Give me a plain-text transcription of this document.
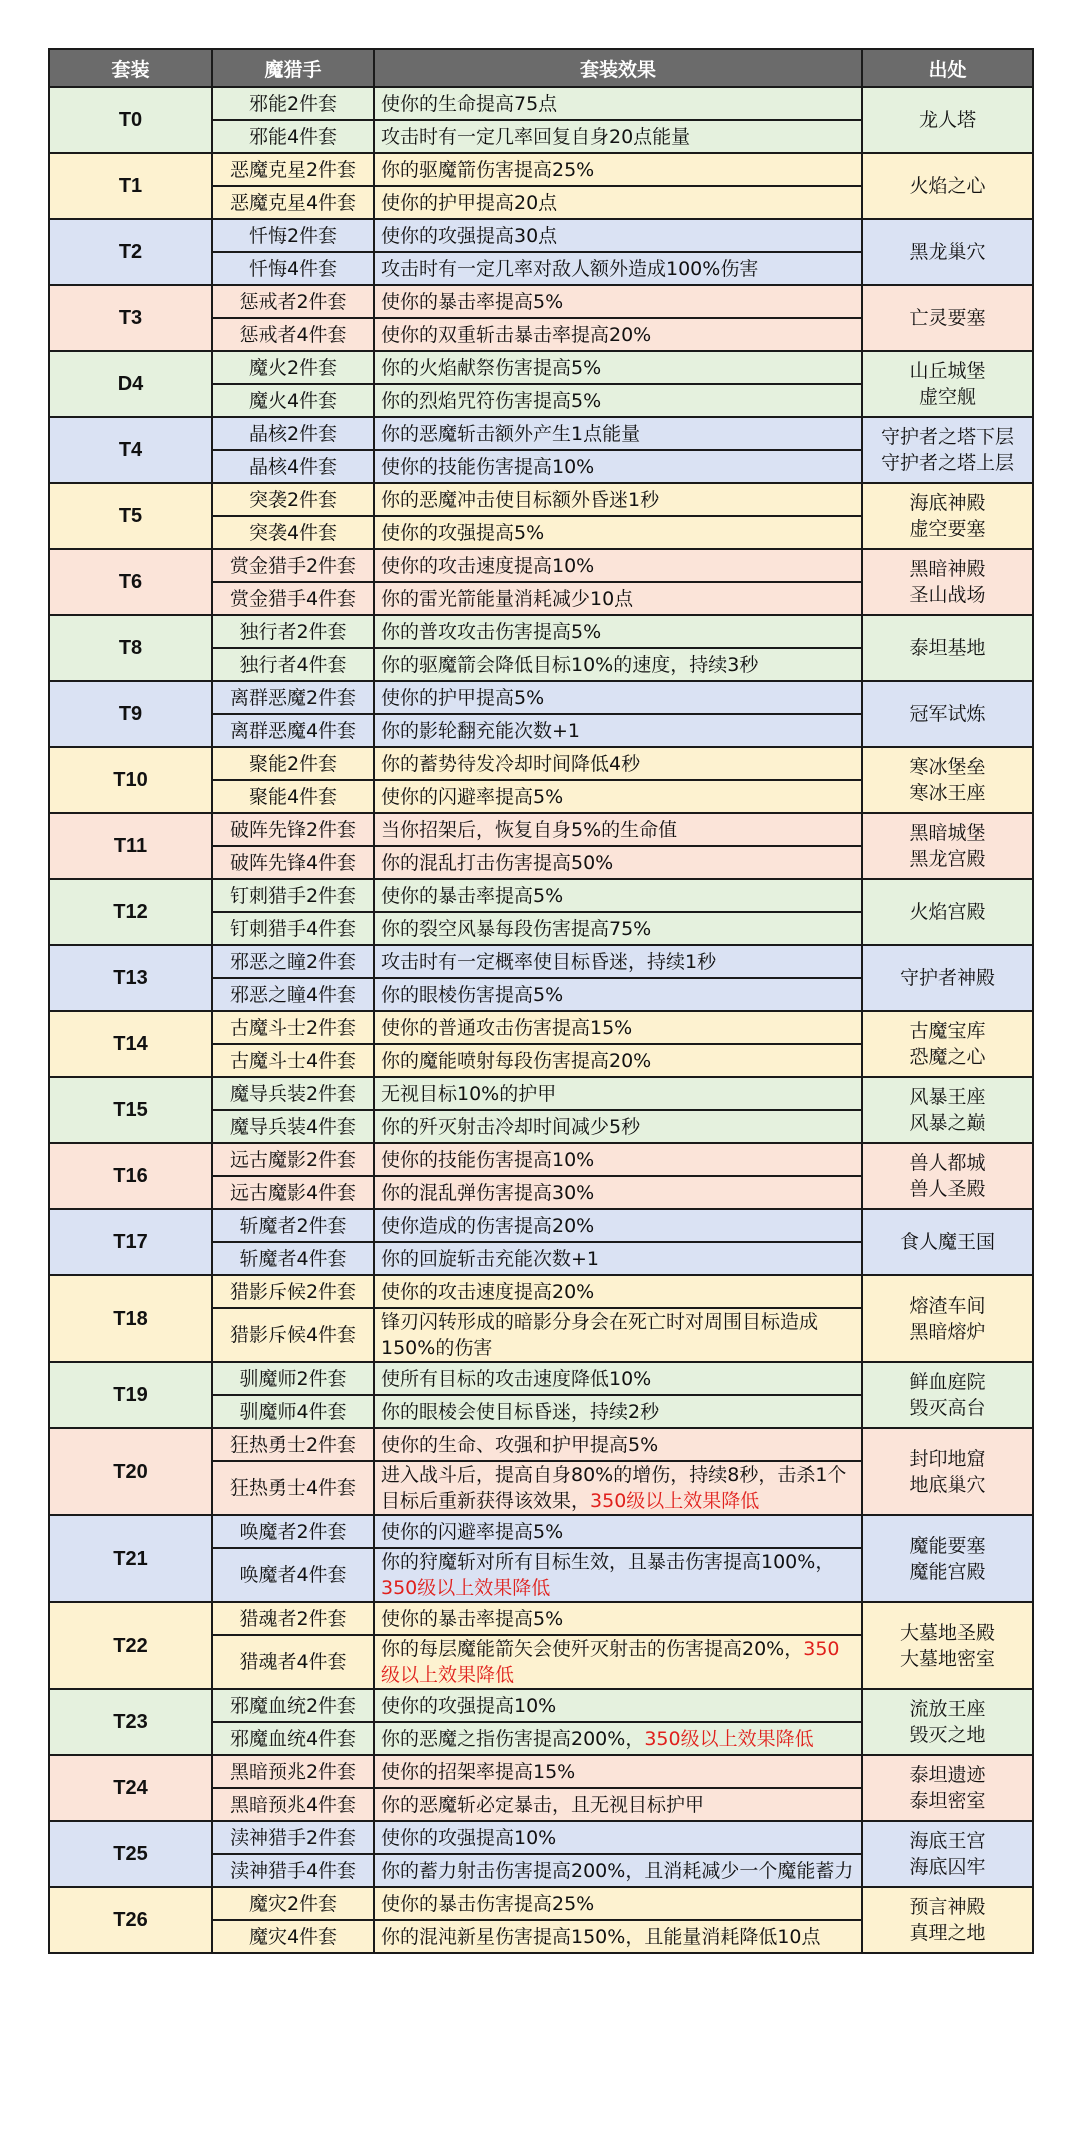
套装	魔猎手	套装效果	出处
T0	邪能2件套	使你的生命提高75点	龙人塔

	邪能4件套	攻击时有一定几率回复自身20点能量	
T1	恶魔克星2件套	你的驱魔箭伤害提高25%	火焰之心

	恶魔克星4件套	使你的护甲提高20点	
T2	忏悔2件套	使你的攻强提高30点	黑龙巢穴

	忏悔4件套	攻击时有一定几率对敌人额外造成100%伤害	
T3	惩戒者2件套	使你的暴击率提高5%	亡灵要塞

	惩戒者4件套	使你的双重斩击暴击率提高20%	
D4	魔火2件套	你的火焰献祭伤害提高5%	山丘城堡
虚空舰

	魔火4件套	你的烈焰咒符伤害提高5%	
T4	晶核2件套	你的恶魔斩击额外产生1点能量	守护者之塔下层
守护者之塔上层

	晶核4件套	使你的技能伤害提高10%	
T5	突袭2件套	你的恶魔冲击使目标额外昏迷1秒	海底神殿
虚空要塞

	突袭4件套	使你的攻强提高5%	
T6	赏金猎手2件套	使你的攻击速度提高10%	黑暗神殿
圣山战场

	赏金猎手4件套	你的雷光箭能量消耗减少10点	
T8	独行者2件套	你的普攻攻击伤害提高5%	泰坦基地

	独行者4件套	你的驱魔箭会降低目标10%的速度，持续3秒	
T9	离群恶魔2件套	使你的护甲提高5%	冠军试炼

	离群恶魔4件套	你的影轮翻充能次数+1	
T10	聚能2件套	你的蓄势待发冷却时间降低4秒	寒冰堡垒
寒冰王座

	聚能4件套	使你的闪避率提高5%	
T11	破阵先锋2件套	当你招架后，恢复自身5%的生命值	黑暗城堡
黑龙宫殿

	破阵先锋4件套	你的混乱打击伤害提高50%	
T12	钉刺猎手2件套	使你的暴击率提高5%	火焰宫殿

	钉刺猎手4件套	你的裂空风暴每段伤害提高75%	
T13	邪恶之瞳2件套	攻击时有一定概率使目标昏迷，持续1秒	守护者神殿

	邪恶之瞳4件套	你的眼棱伤害提高5%	
T14	古魔斗士2件套	使你的普通攻击伤害提高15%	古魔宝库
恐魔之心

	古魔斗士4件套	你的魔能喷射每段伤害提高20%	
T15	魔导兵装2件套	无视目标10%的护甲	风暴王座
风暴之巅

	魔导兵装4件套	你的歼灭射击冷却时间减少5秒	
T16	远古魔影2件套	使你的技能伤害提高10%	兽人都城
兽人圣殿

	远古魔影4件套	你的混乱弹伤害提高30%	
T17	斩魔者2件套	使你造成的伤害提高20%	食人魔王国

	斩魔者4件套	你的回旋斩击充能次数+1	
T18	猎影斥候2件套	使你的攻击速度提高20%	熔渣车间
黑暗熔炉

	猎影斥候4件套	锋刃闪转形成的暗影分身会在死亡时对周围目标造成150%的伤害	
T19	驯魔师2件套	使所有目标的攻击速度降低10%	鲜血庭院
毁灭高台

	驯魔师4件套	你的眼棱会使目标昏迷，持续2秒	
T20	狂热勇士2件套	使你的生命、攻强和护甲提高5%	封印地窟
地底巢穴

	狂热勇士4件套	进入战斗后，提高自身80%的增伤，持续8秒，击杀1个目标后重新获得该效果，350级以上效果降低	
T21	唤魔者2件套	使你的闪避率提高5%	魔能要塞
魔能宫殿

	唤魔者4件套	你的狩魔斩对所有目标生效，且暴击伤害提高100%，350级以上效果降低	
T22	猎魂者2件套	使你的暴击率提高5%	大墓地圣殿
大墓地密室

	猎魂者4件套	你的每层魔能箭矢会使歼灭射击的伤害提高20%，350级以上效果降低	
T23	邪魔血统2件套	使你的攻强提高10%	流放王座
毁灭之地

	邪魔血统4件套	你的恶魔之指伤害提高200%，350级以上效果降低	
T24	黑暗预兆2件套	使你的招架率提高15%	泰坦遗迹
泰坦密室

	黑暗预兆4件套	你的恶魔斩必定暴击，且无视目标护甲	
T25	渎神猎手2件套	使你的攻强提高10%	海底王宫
海底囚牢

	渎神猎手4件套	你的蓄力射击伤害提高200%，且消耗减少一个魔能蓄力	
T26	魔灾2件套	使你的暴击伤害提高25%	预言神殿
真理之地

	魔灾4件套	你的混沌新星伤害提高150%，且能量消耗降低10点	
